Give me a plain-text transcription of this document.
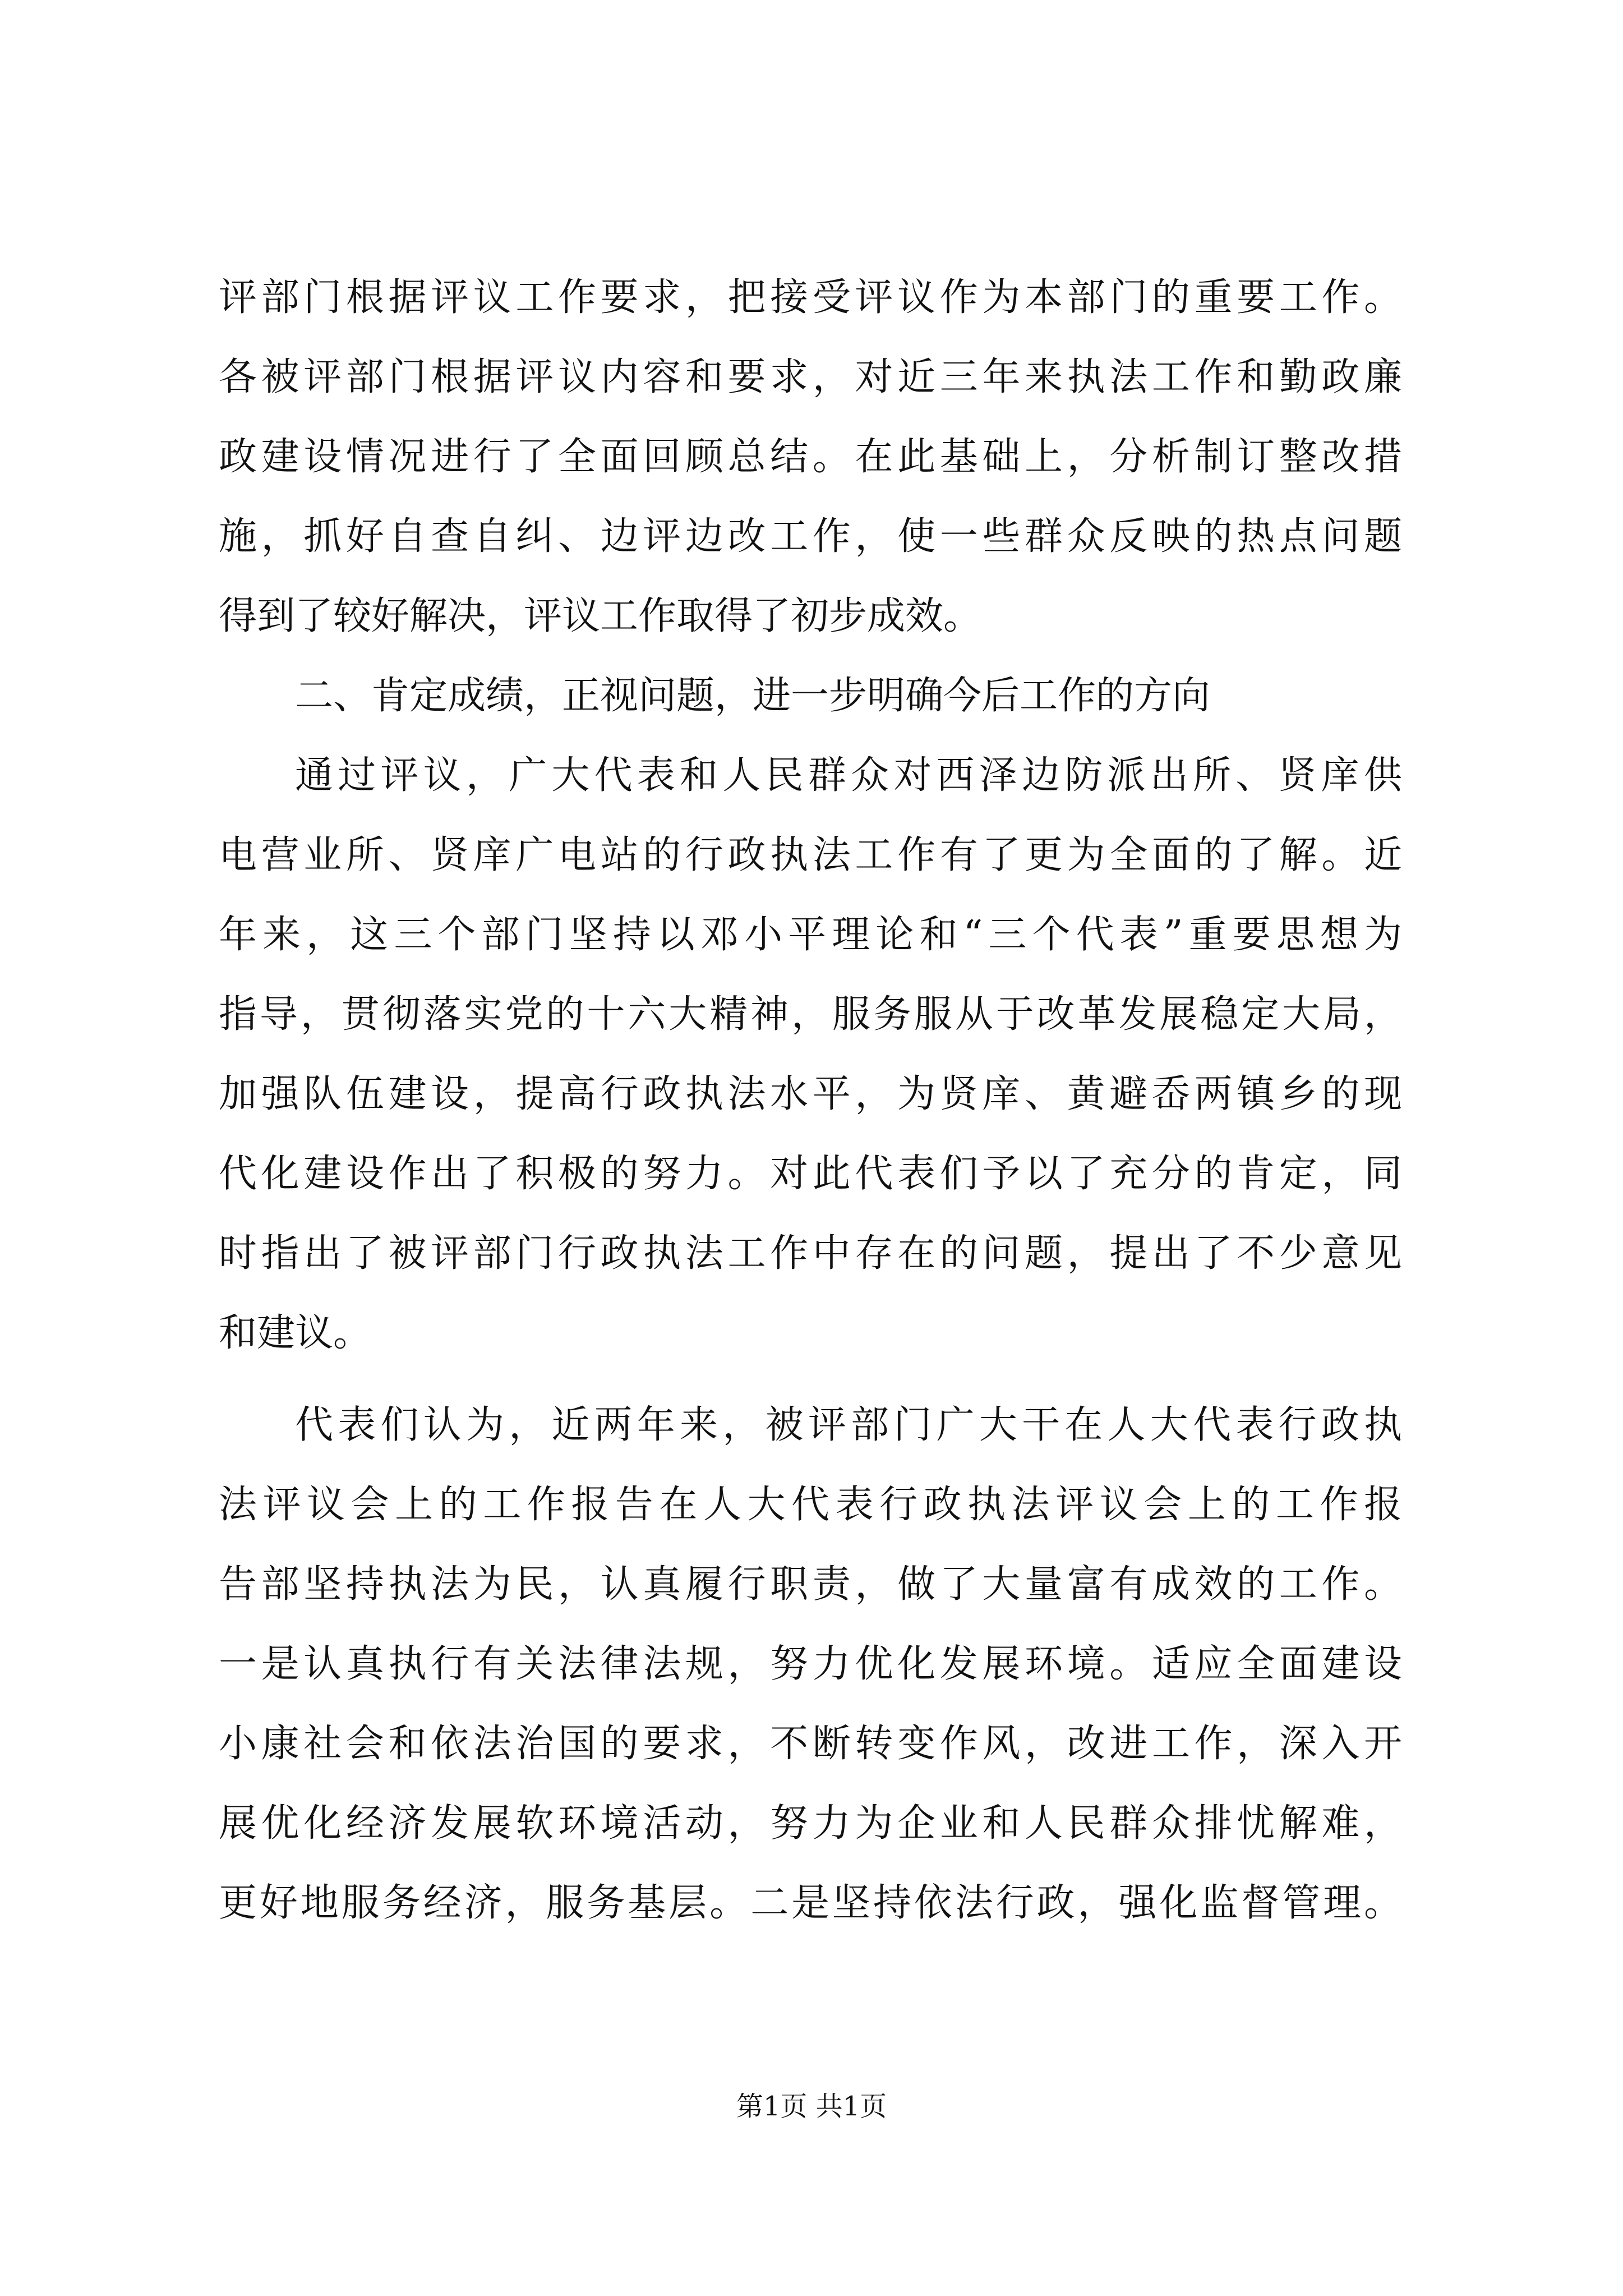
评部门根据评议工作要求，把接受评议作为本部门的重要工作。
各被评部门根据评议内容和要求，对近三年来执法工作和勤政廉
政建设情况进行了全面回顾总结。在此基础上，分析制订整改措
施，抓好自查自纠、边评边改工作，使一些群众反映的热点问题
得到了较好解决，评议工作取得了初步成效。
二、肯定成绩，正视问题，进一步明确今后工作的方向
通过评议，广大代表和人民群众对西泽边防派出所、贤庠供
电营业所、贤庠广电站的行政执法工作有了更为全面的了解。近
年来，这三个部门坚持以邓小平理论和“三个代表”重要思想为
指导，贯彻落实党的十六大精神，服务服从于改革发展稳定大局，
加强队伍建设，提高行政执法水平，为贤庠、黄避岙两镇乡的现
代化建设作出了积极的努力。对此代表们予以了充分的肯定，同
时指出了被评部门行政执法工作中存在的问题，提出了不少意见
和建议。
代表们认为，近两年来，被评部门广大干在人大代表行政执
法评议会上的工作报告在人大代表行政执法评议会上的工作报
告部坚持执法为民，认真履行职责，做了大量富有成效的工作。
一是认真执行有关法律法规，努力优化发展环境。适应全面建设
小康社会和依法治国的要求，不断转变作风，改进工作，深入开
展优化经济发展软环境活动，努力为企业和人民群众排忧解难，
更好地服务经济，服务基层。二是坚持依法行政，强化监督管理。
第1页 共1页
